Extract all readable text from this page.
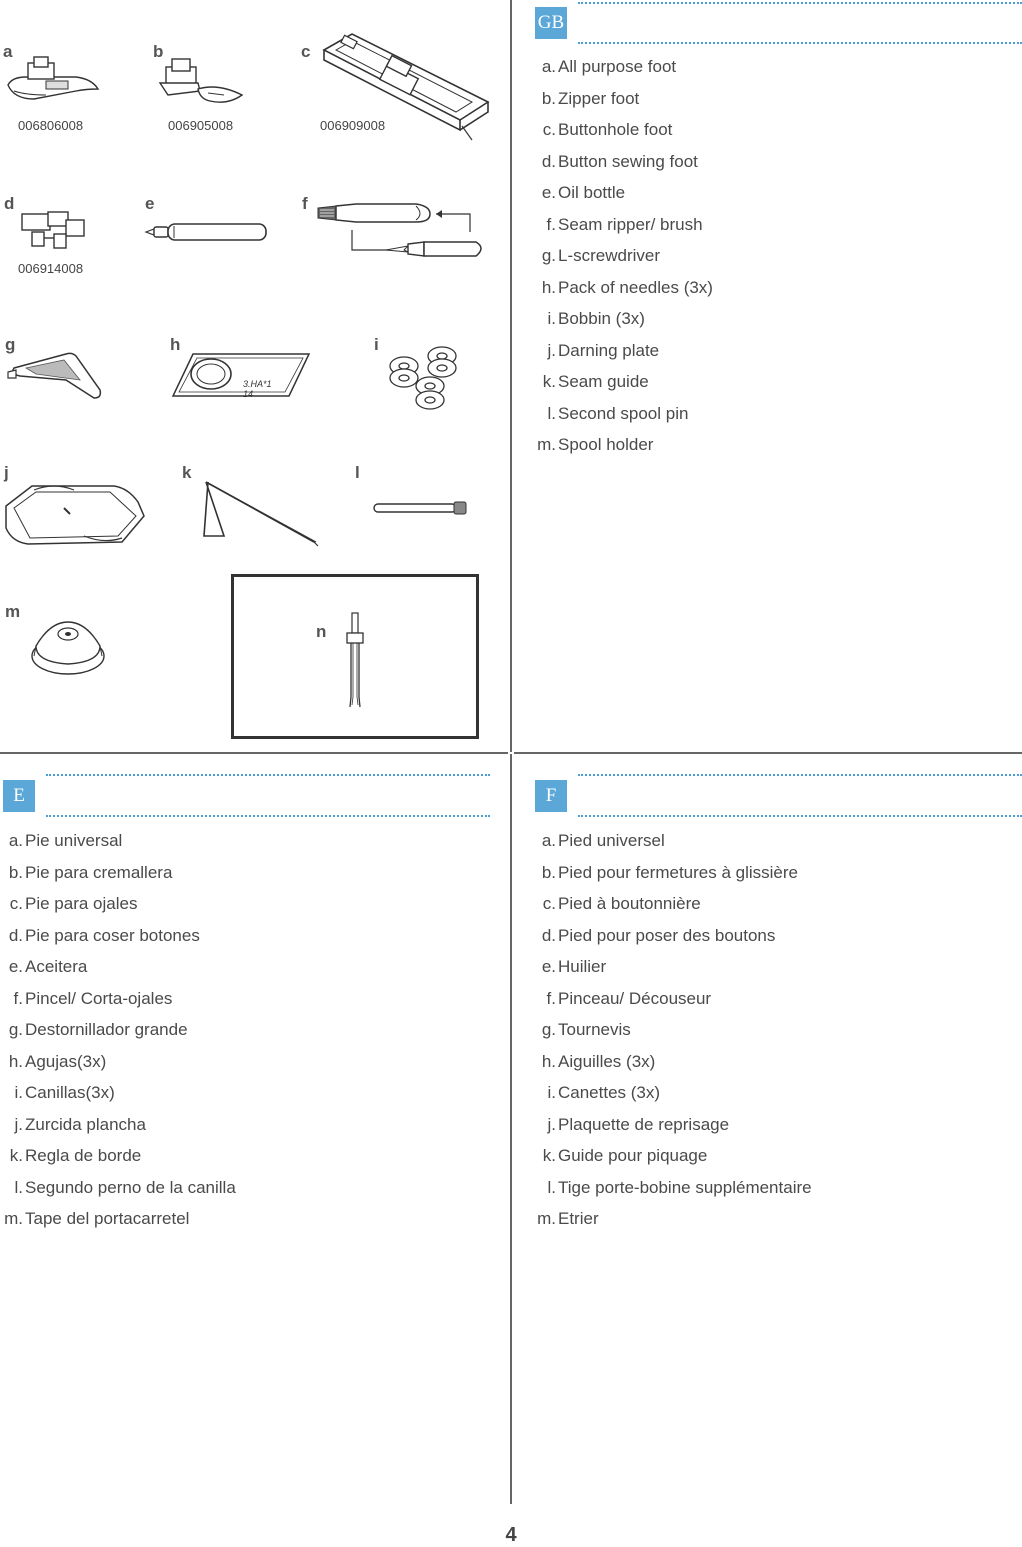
a
006806008
b
006905008
c
006909008
d
006914008
e	f
g	h
3.HA*1 14
i
j	k	l
m
n
GB
a. All purpose foot
b. Zipper foot
c. Buttonhole foot
d. Button sewing foot
e. Oil bottle
f. Seam ripper/ brush
g. L-screwdriver
h. Pack of needles (3x)
i. Bobbin (3x)
j. Darning plate
k. Seam guide
l. Second spool pin
m. Spool holder
E
a. Pie universal
b. Pie para cremallera
c. Pie para ojales
d. Pie para coser botones
e. Aceitera
f. Pincel/ Corta-ojales
g. Destornillador grande
h. Agujas(3x)
i. Canillas(3x)
j. Zurcida plancha
k. Regla de borde
l. Segundo perno de la canilla
m. Tape del portacarretel
F
a. Pied universel
b. Pied pour fermetures à glissière
c. Pied à boutonnière
d. Pied pour poser des boutons
e. Huilier
f. Pinceau/ Découseur
g. Tournevis
h. Aiguilles (3x)
i. Canettes (3x)
j. Plaquette de reprisage
k. Guide pour piquage
l. Tige porte-bobine supplémentaire
m. Etrier
4
